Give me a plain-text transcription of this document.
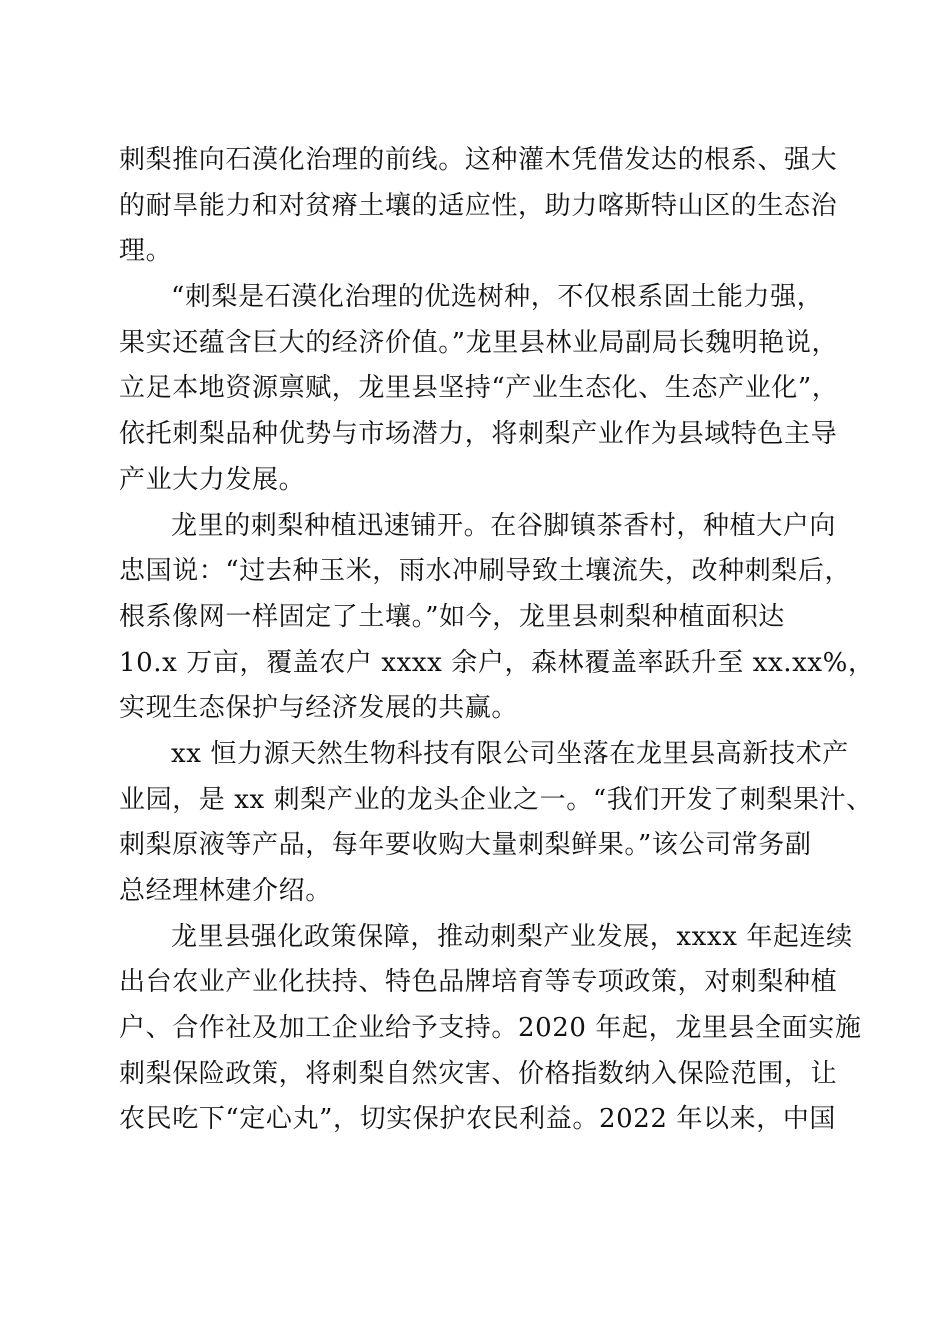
刺梨推向石漠化治理的前线。这种灌木凭借发达的根系、强大
的耐旱能力和对贫瘠土壤的适应性，助力喀斯特山区的生态治
理。
“刺梨是石漠化治理的优选树种，不仅根系固土能力强，
果实还蕴含巨大的经济价值。”龙里县林业局副局长魏明艳说，
立足本地资源禀赋，龙里县坚持“产业生态化、生态产业化”，
依托刺梨品种优势与市场潜力，将刺梨产业作为县域特色主导
产业大力发展。
龙里的刺梨种植迅速铺开。在谷脚镇茶香村，种植大户向
忠国说：“过去种玉米，雨水冲刷导致土壤流失，改种刺梨后，
根系像网一样固定了土壤。”如今，龙里县刺梨种植面积达
10.x 万亩，覆盖农户 xxxx 余户，森林覆盖率跃升至 xx.xx%，
实现生态保护与经济发展的共赢。
xx 恒力源天然生物科技有限公司坐落在龙里县高新技术产
业园，是 xx 刺梨产业的龙头企业之一。“我们开发了刺梨果汁、
刺梨原液等产品，每年要收购大量刺梨鲜果。”该公司常务副
总经理林建介绍。
龙里县强化政策保障，推动刺梨产业发展，xxxx 年起连续
出台农业产业化扶持、特色品牌培育等专项政策，对刺梨种植
户、合作社及加工企业给予支持。2020 年起，龙里县全面实施
刺梨保险政策，将刺梨自然灾害、价格指数纳入保险范围，让
农民吃下“定心丸”，切实保护农民利益。2022 年以来，中国
